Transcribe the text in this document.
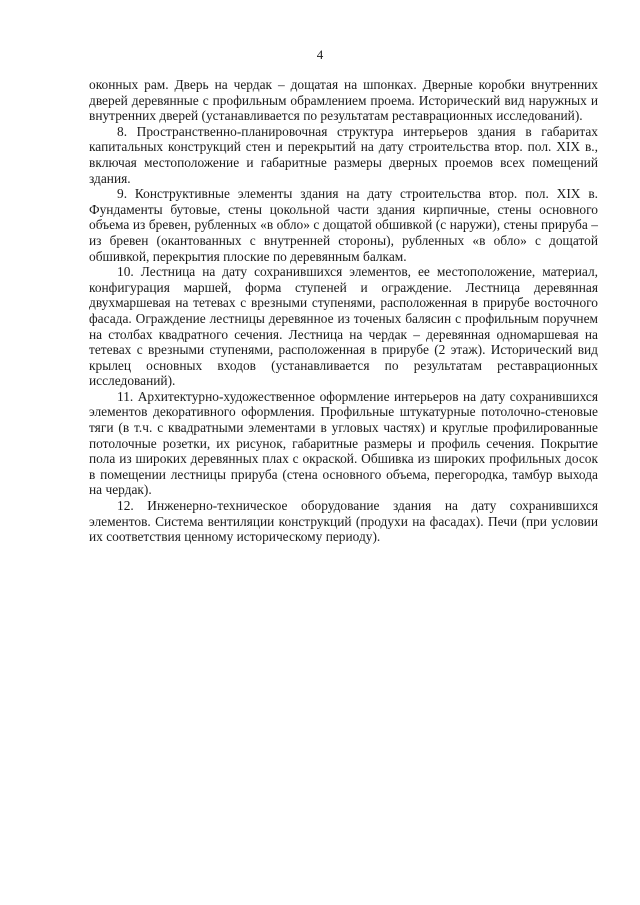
4

оконных рам. Дверь на чердак – дощатая на шпонках. Дверные коробки внутренних дверей деревянные с профильным обрамлением проема. Исторический вид наружных и внутренних дверей (устанавливается по результатам реставрационных исследований).

8. Пространственно-планировочная структура интерьеров здания в габаритах капитальных конструкций стен и перекрытий на дату строительства втор. пол. XIX в., включая местоположение и габаритные размеры дверных проемов всех помещений здания.

9. Конструктивные элементы здания на дату строительства втор. пол. XIX в. Фундаменты бутовые, стены цокольной части здания кирпичные, стены основного объема из бревен, рубленных «в обло» с дощатой обшивкой (с наружи), стены прируба – из бревен (окантованных с внутренней стороны), рубленных «в обло» с дощатой обшивкой, перекрытия плоские по деревянным балкам.

10. Лестница на дату сохранившихся элементов, ее местоположение, материал, конфигурация маршей, форма ступеней и ограждение. Лестница деревянная двухмаршевая на тетевах с врезными ступенями, расположенная в прирубе восточного фасада. Ограждение лестницы деревянное из точеных балясин с профильным поручнем на столбах квадратного сечения. Лестница на чердак – деревянная одномаршевая на тетевах с врезными ступенями, расположенная в прирубе (2 этаж). Исторический вид крылец основных входов (устанавливается по результатам реставрационных исследований).

11. Архитектурно-художественное оформление интерьеров на дату сохранившихся элементов декоративного оформления. Профильные штукатурные потолочно-стеновые тяги (в т.ч. с квадратными элементами в угловых частях) и круглые профилированные потолочные розетки, их рисунок, габаритные размеры и профиль сечения. Покрытие пола из широких деревянных плах с окраской. Обшивка из широких профильных досок в помещении лестницы прируба (стена основного объема, перегородка, тамбур выхода на чердак).

12. Инженерно-техническое оборудование здания на дату сохранившихся элементов. Система вентиляции конструкций (продухи на фасадах). Печи (при условии их соответствия ценному историческому периоду).
